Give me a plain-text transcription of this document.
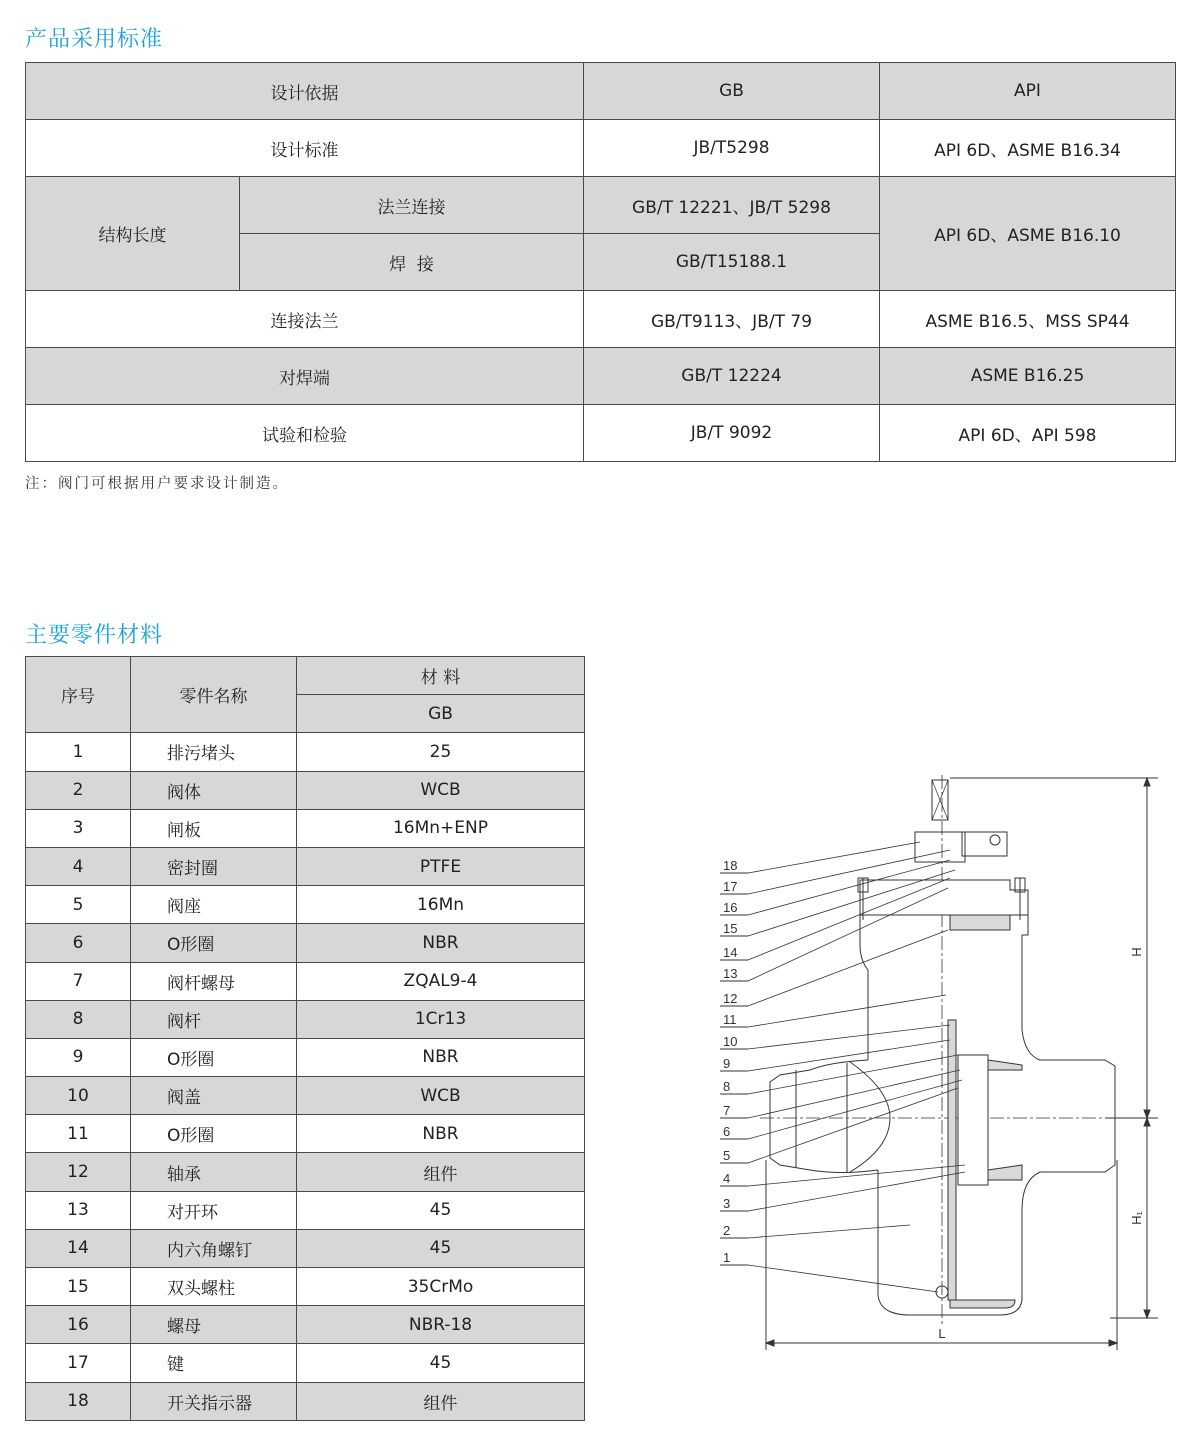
产品采用标准
设计依据		GB	API
设计标准		JB/T5298	API 6D、ASME B16.34
结构长度	法兰连接	GB/T 12221、JB/T 5298	API 6D、ASME B16.10
	焊  接	GB/T15188.1	
连接法兰		GB/T9113、JB/T 79	ASME B16.5、MSS SP44
对焊端		GB/T 12224	ASME B16.25
试验和检验		JB/T 9092	API 6D、API 598

注：阀门可根据用户要求设计制造。

主要零件材料
序号	零件名称	材 料
		GB
1	排污堵头	25
2	阀体	WCB
3	闸板	16Mn+ENP
4	密封圈	PTFE
5	阀座	16Mn
6	O形圈	NBR
7	阀杆螺母	ZQAL9-4
8	阀杆	1Cr13
9	O形圈	NBR
10	阀盖	WCB
11	O形圈	NBR
12	轴承	组件
13	对开环	45
14	内六角螺钉	45
15	双头螺柱	35CrMo
16	螺母	NBR-18
17	键	45
18	开关指示器	组件
H
H₁
L
18
17
16
15
14
13
12
11
10
9
8
7
6
5
4
3
2
1
